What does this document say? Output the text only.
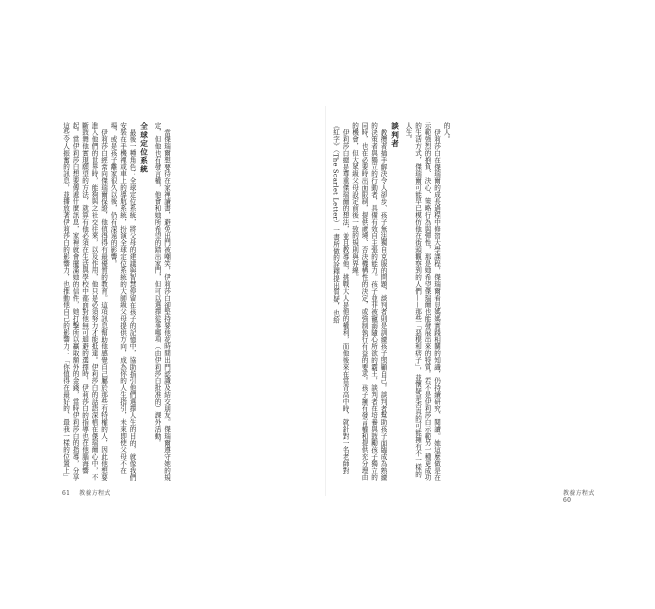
的人。

伊莉莎白在傑瑞爾的成長過程中修習大學課程，傑瑞爾看見媽媽實踐相關的知識，仍持續研究、閱讀。她這麼做是在示範強烈的抱負、決心、策略行為與彈性，那是她希望傑瑞爾也能發展出來的特質。若不是伊莉莎白示範另一種更成功的生活方式，傑瑞爾可能早已模仿他在街頭觀察到的人們——那些「惡棍和痞子」，並懷疑是否真的可能擁有不一樣的人生。

談判者

教攬者插手解決令人卻步、孩子無法獨自克服的問題，談判者則是訓練孩子照顧自己。談判者幫助孩子面臨成為熟練的決策者與獨立的行動者，具備有效自主張的能力。孩子並非被寵溺隨心所欲的霸王，談判者在培養與鼓勵孩子獨立的同時，也在必要時出面限制，提供處境、否決機構性的決定，或強制執行有益的要求。孩子擁有發言權和提供充分理由的機會，但大眾級父母設定前後一致的規則與界線。

伊莉莎白總是尊重傑瑞爾的想法，並且教導他，挑戰大人是他的權利，而他後來在當背高中時，就針對一名老師對《紅字》（The Scarlet Letter）一書所做的詮釋提出質疑，也給

當傑瑞爾想要待在家裡讀書，避免出門被嘲笑，伊莉莎白卻堅持要他花時間出門認識及結交朋友。傑瑞爾遵守她的規定，但他也有發言權，他會和她所希望的踏出家門，但可以選擇從事哪項（由伊莉莎白批准的）課外活動。

全球定位系統

最後一種角色：全球定位系統，將父母的建議與智慧停留在孩子的記憶中，協助指引他們選擇人生的目的，就像我們安裝在手機裡或車上的導航系統，扮演全球定位系統的大師級父母提供方向，成為你的人生指引，未來即使父母不在場，或是孩子離家很久以後，仍有深遠的影響。

伊莉莎白經常向傑瑞爾保證，他值得得有最優質的教育。這項訊息幫助他感覺自己屬於那些有特權的人，因此他想要進入他們的世界時，能夠與之社交往來，以及作用，他只是必須努力才能抵達。伊莉莎白的話語深植在傑瑞爾心中，不斷鼓舞他實現願望的方法，就算有他必須在生活與學校中都面對他無可迴避的選擇時，伊莉莎白的指導也在他腦海響起。當伊莉莎白想要傳遞什麼訊息，家裡就會擺滿她的信件，她打擊所以贏取額外的金錢，當時伊莉莎白的指導，分享這些令人振奮的訊息，並播放著伊莉莎白的影響力，也推動他自己的影響力：「你值得在最好的、最我一樣的位置上」

61 教養方程式	教養方程式    60
